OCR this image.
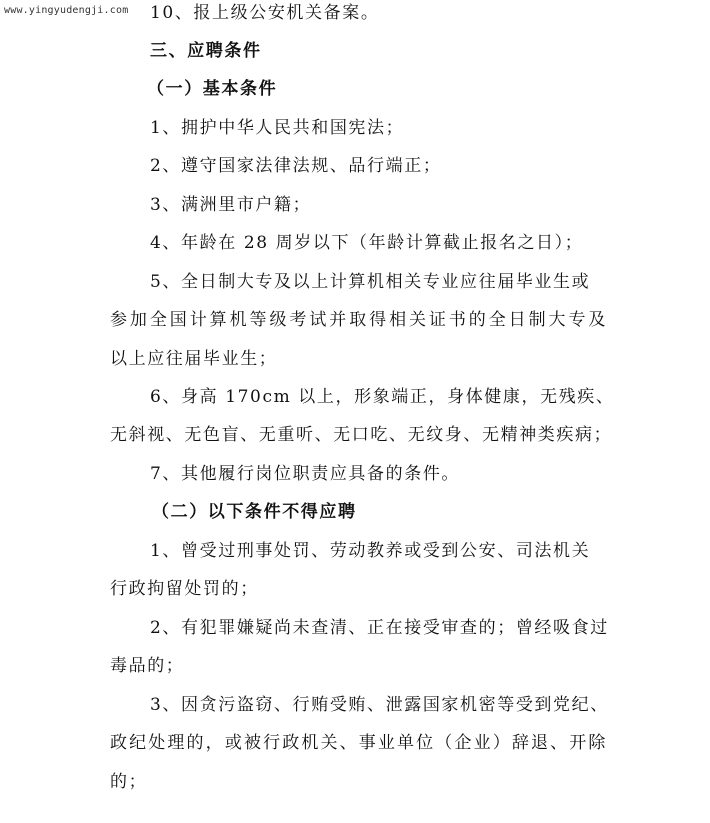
www.yingyudengji.com 10、报上级公安机关备案。
三、应聘条件
（一）基本条件
1、拥护中华人民共和国宪法；
2、遵守国家法律法规、品行端正；
3、满洲里市户籍；
4、年龄在 28 周岁以下（年龄计算截止报名之日）；
5、全日制大专及以上计算机相关专业应往届毕业生或
参加全国计算机等级考试并取得相关证书的全日制大专及
以上应往届毕业生；
6、身高 170cm 以上，形象端正，身体健康，无残疾、
无斜视、无色盲、无重听、无口吃、无纹身、无精神类疾病；
7、其他履行岗位职责应具备的条件。
（二）以下条件不得应聘
1、曾受过刑事处罚、劳动教养或受到公安、司法机关
行政拘留处罚的；
2、有犯罪嫌疑尚未查清、正在接受审查的；曾经吸食过
毒品的；
3、因贪污盗窃、行贿受贿、泄露国家机密等受到党纪、
政纪处理的，或被行政机关、事业单位（企业）辞退、开除
的；
